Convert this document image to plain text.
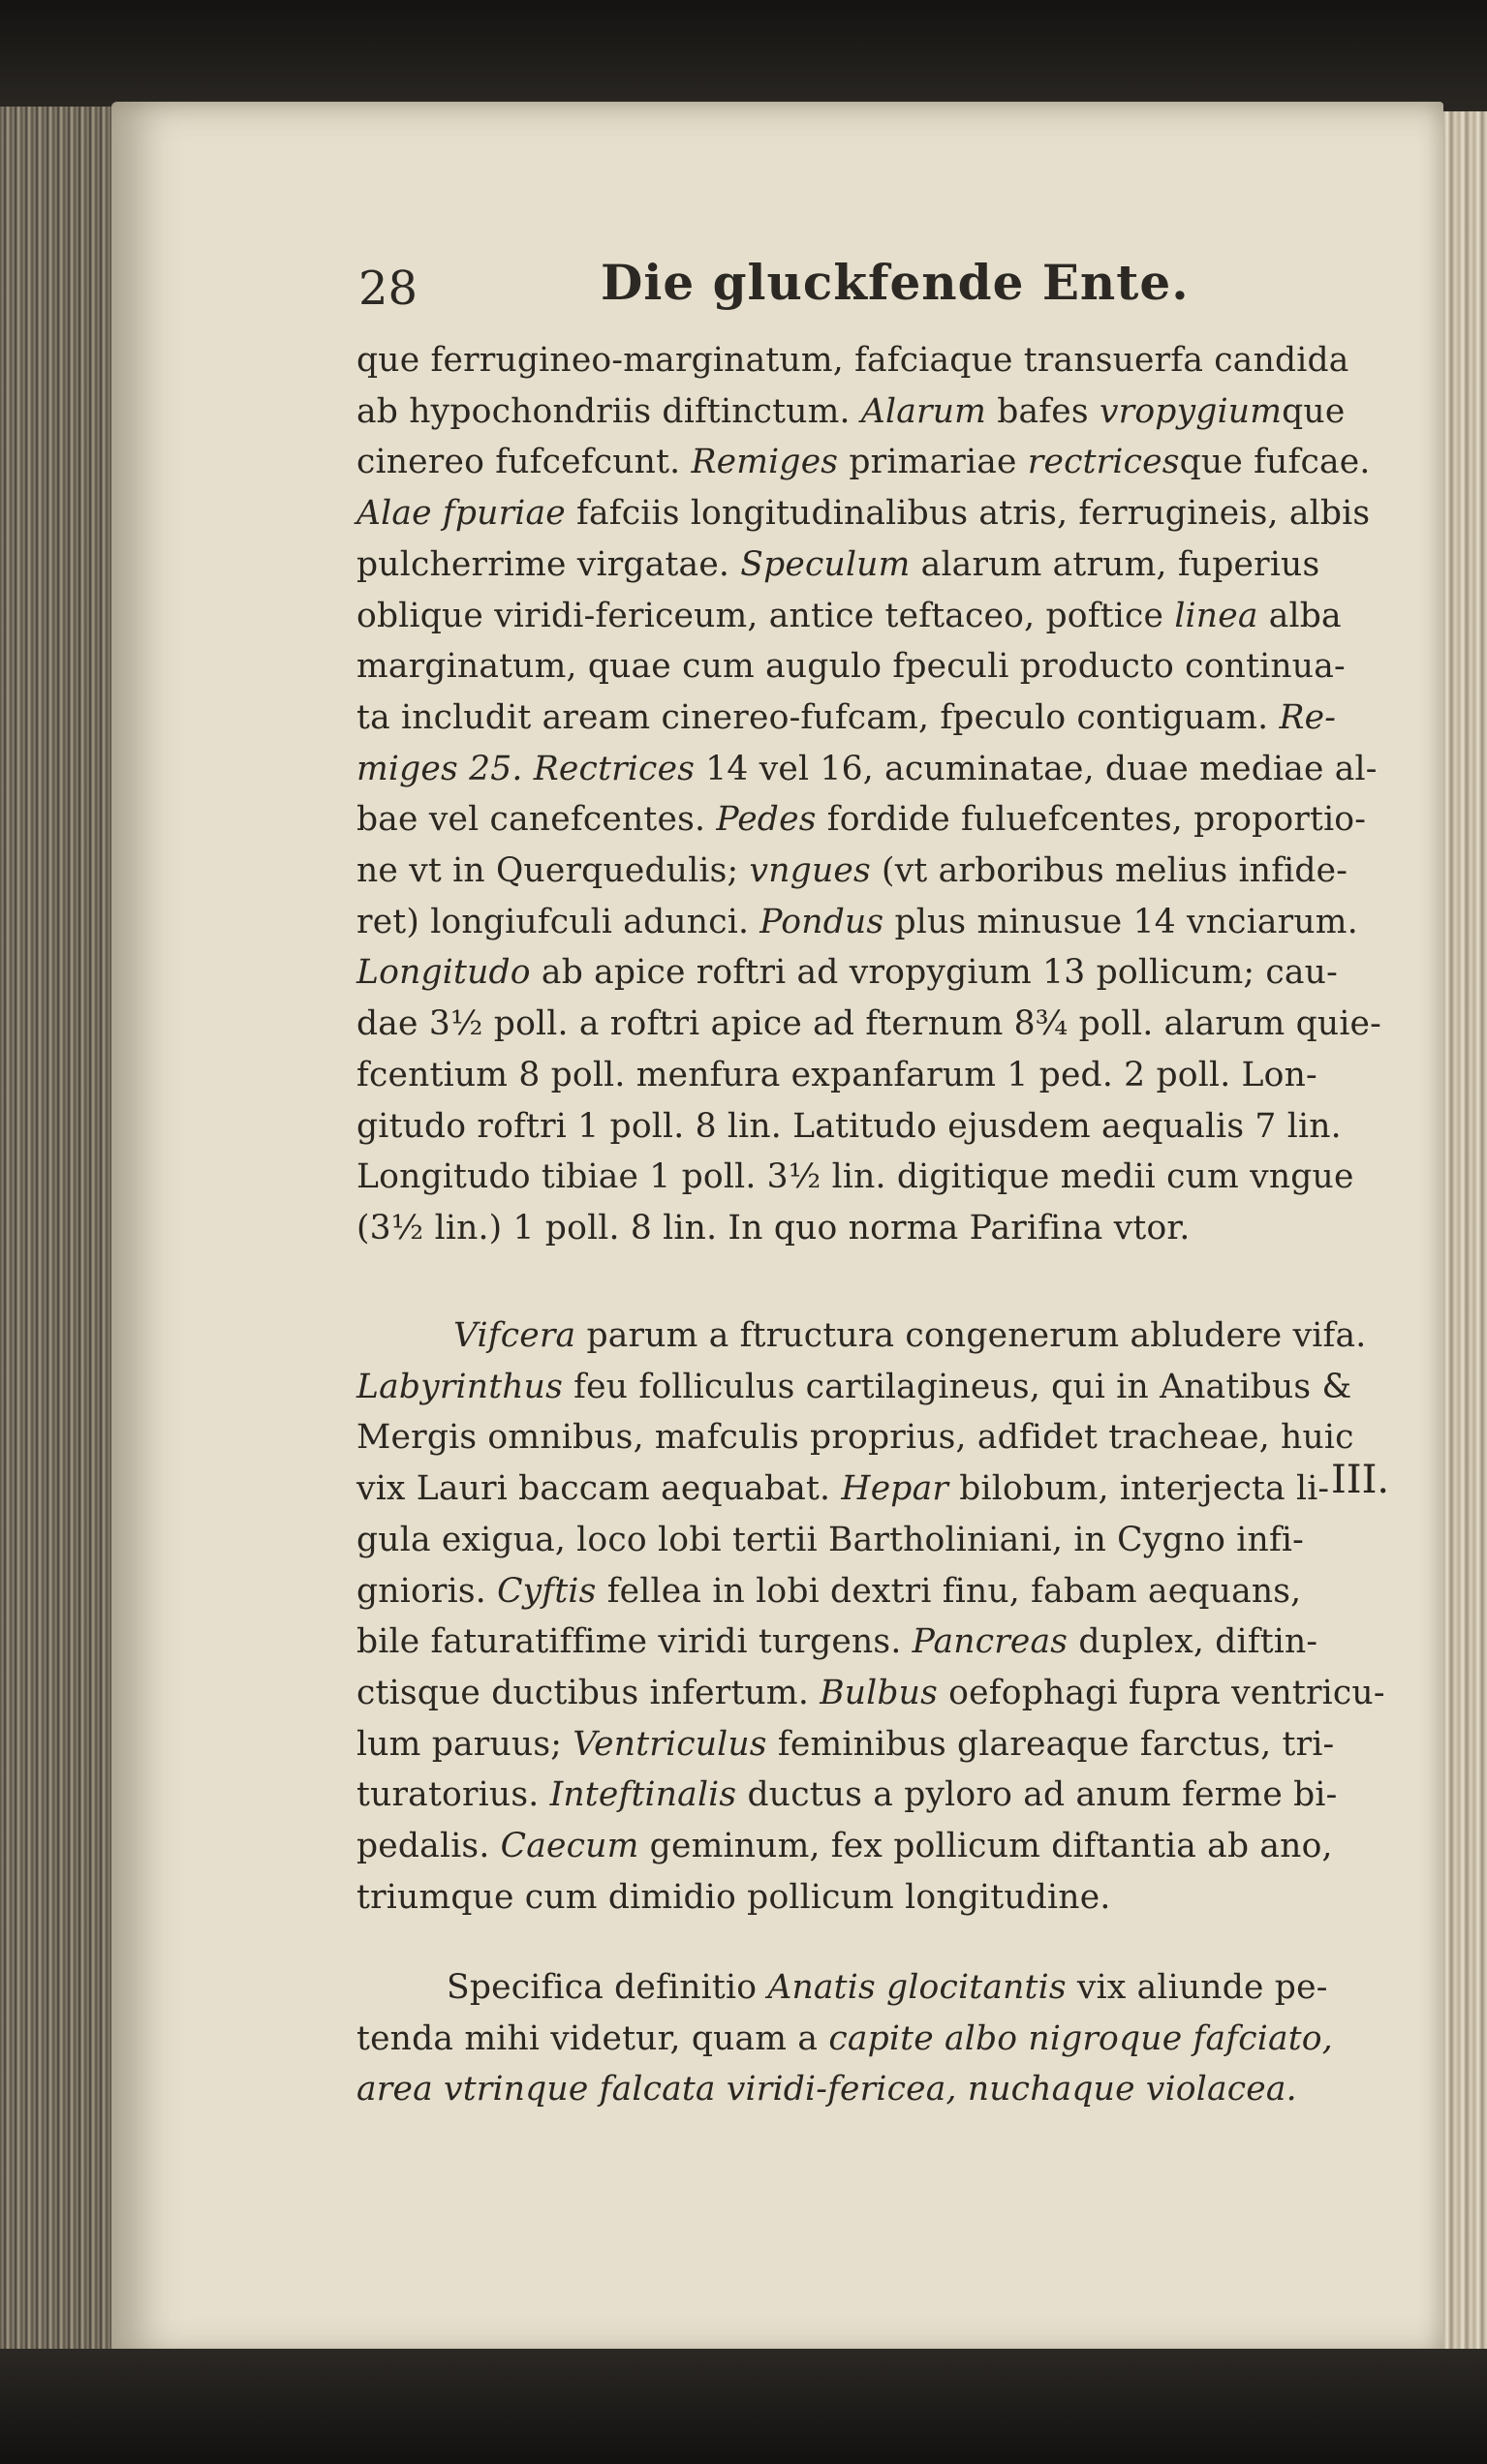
28	Die gluckfende Ente.
que ferrugineo-marginatum, fafciaque transuerfa candida
ab hypochondriis diftinctum. Alarum bafes vropygiumque
cinereo fufcefcunt. Remiges primariae rectricesque fufcae.
Alae fpuriae fafciis longitudinalibus atris, ferrugineis, albis
pulcherrime virgatae. Speculum alarum atrum, fuperius
oblique viridi-fericeum, antice teftaceo, poftice linea alba
marginatum, quae cum augulo fpeculi producto continua-
ta includit aream cinereo-fufcam, fpeculo contiguam. Re-
miges 25. Rectrices 14 vel 16, acuminatae, duae mediae al-
bae vel canefcentes. Pedes fordide fuluefcentes, proportio-
ne vt in Querquedulis; vngues (vt arboribus melius infide-
ret) longiufculi adunci. Pondus plus minusue 14 vnciarum.
Longitudo ab apice roftri ad vropygium 13 pollicum; cau-
dae 3½ poll. a roftri apice ad fternum 8¾ poll. alarum quie-
fcentium 8 poll. menfura expanfarum 1 ped. 2 poll. Lon-
gitudo roftri 1 poll. 8 lin. Latitudo ejusdem aequalis 7 lin.
Longitudo tibiae 1 poll. 3½ lin. digitique medii cum vngue
(3½ lin.) 1 poll. 8 lin. In quo norma Parifina vtor.
Vifcera parum a ftructura congenerum abludere vifa.
Labyrinthus feu folliculus cartilagineus, qui in Anatibus &
Mergis omnibus, mafculis proprius, adfidet tracheae, huic
vix Lauri baccam aequabat. Hepar bilobum, interjecta li-
gula exigua, loco lobi tertii Bartholiniani, in Cygno infi-
gnioris. Cyftis fellea in lobi dextri finu, fabam aequans,
bile faturatiffime viridi turgens. Pancreas duplex, diftin-
ctisque ductibus infertum. Bulbus oefophagi fupra ventricu-
lum paruus; Ventriculus feminibus glareaque farctus, tri-
turatorius. Inteftinalis ductus a pyloro ad anum ferme bi-
pedalis. Caecum geminum, fex pollicum diftantia ab ano,
triumque cum dimidio pollicum longitudine.
Specifica definitio Anatis glocitantis vix aliunde pe-
tenda mihi videtur, quam a capite albo nigroque fafciato,
area vtrinque falcata viridi-fericea, nuchaque violacea.
III.
